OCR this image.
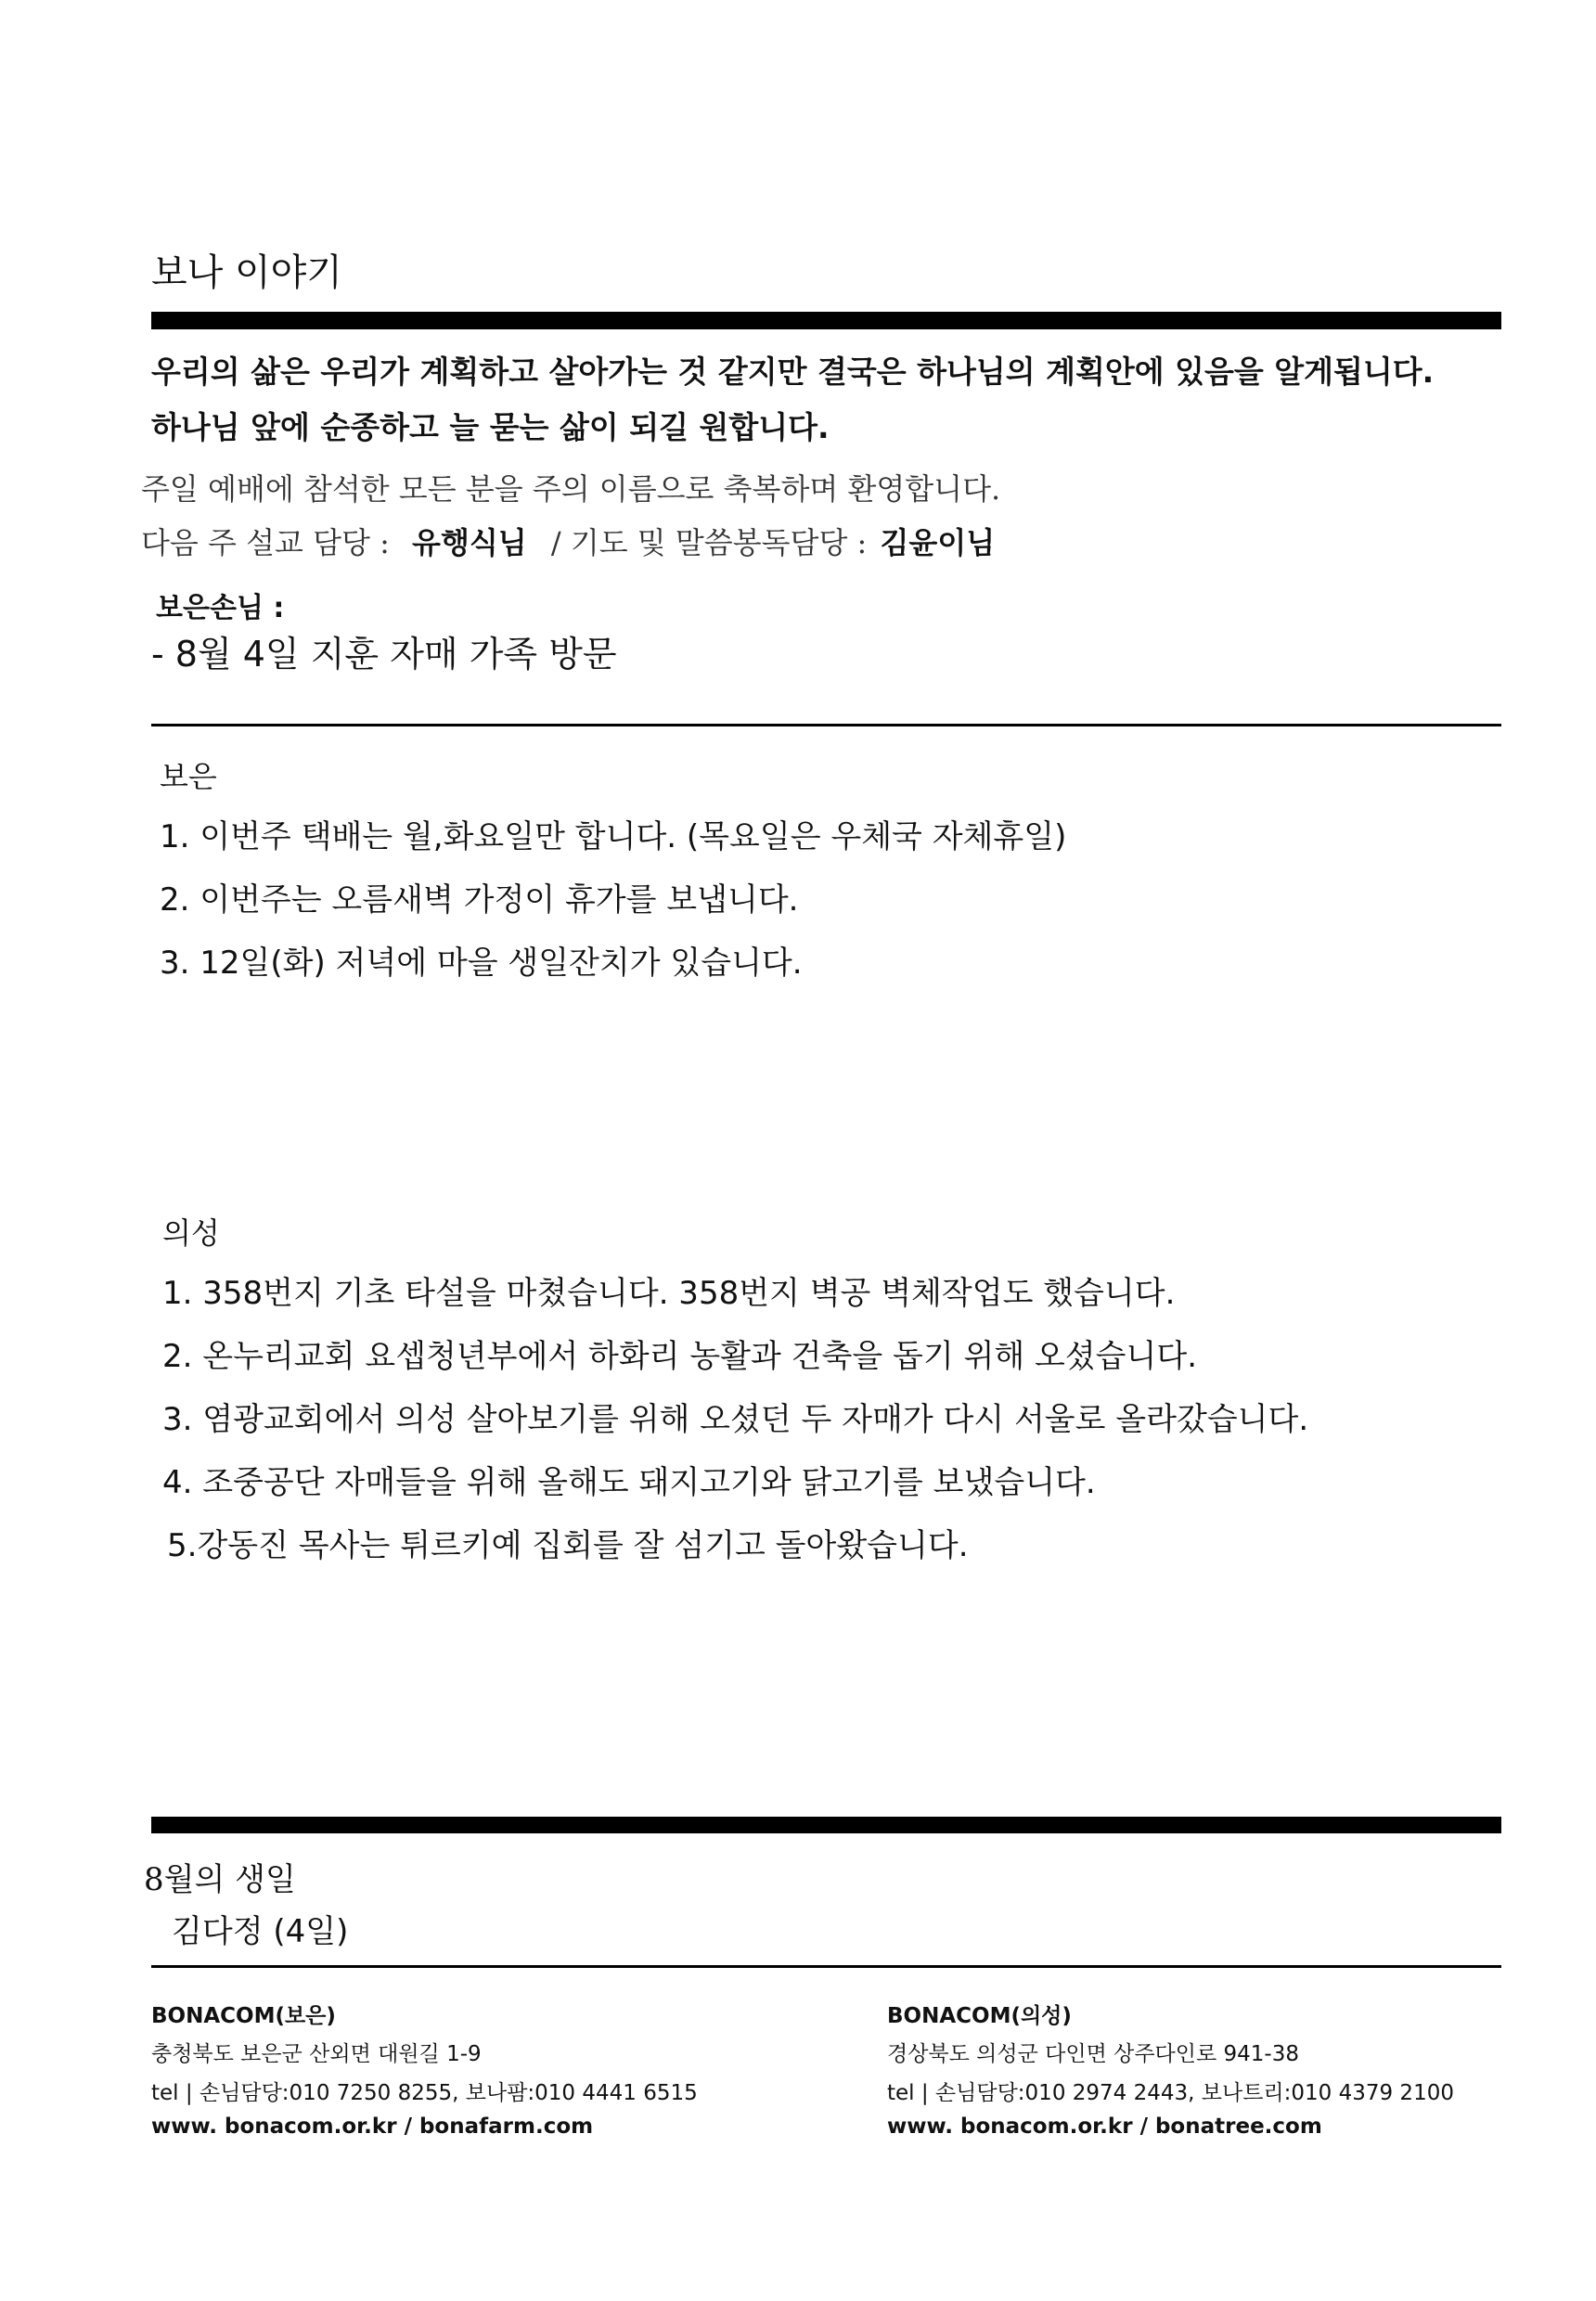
보나 이야기
우리의 삶은 우리가 계획하고 살아가는 것 같지만 결국은 하나님의 계획안에 있음을 알게됩니다.
하나님 앞에 순종하고 늘 묻는 삶이 되길 원합니다.
주일 예배에 참석한 모든 분을 주의 이름으로 축복하며 환영합니다.
다음 주 설교 담당 : 유행식님 / 기도 및 말씀봉독담당 : 김윤이님
보은손님 :
- 8월 4일 지훈 자매 가족 방문
보은
1. 이번주 택배는 월,화요일만 합니다. (목요일은 우체국 자체휴일)
2. 이번주는 오름새벽 가정이 휴가를 보냅니다.
3. 12일(화) 저녁에 마을 생일잔치가 있습니다.
의성
1. 358번지 기초 타설을 마쳤습니다. 358번지 벽공 벽체작업도 했습니다.
2. 온누리교회 요셉청년부에서 하화리 농활과 건축을 돕기 위해 오셨습니다.
3. 염광교회에서 의성 살아보기를 위해 오셨던 두 자매가 다시 서울로 올라갔습니다.
4. 조중공단 자매들을 위해 올해도 돼지고기와 닭고기를 보냈습니다.
5.강동진 목사는 튀르키예 집회를 잘 섬기고 돌아왔습니다.
8월의 생일
김다정 (4일)
BONACOM(보은)
충청북도 보은군 산외면 대원길 1-9
tel | 손님담당:010 7250 8255, 보나팜:010 4441 6515
www. bonacom.or.kr / bonafarm.com
BONACOM(의성)
경상북도 의성군 다인면 상주다인로 941-38
tel | 손님담당:010 2974 2443, 보나트리:010 4379 2100
www. bonacom.or.kr / bonatree.com
